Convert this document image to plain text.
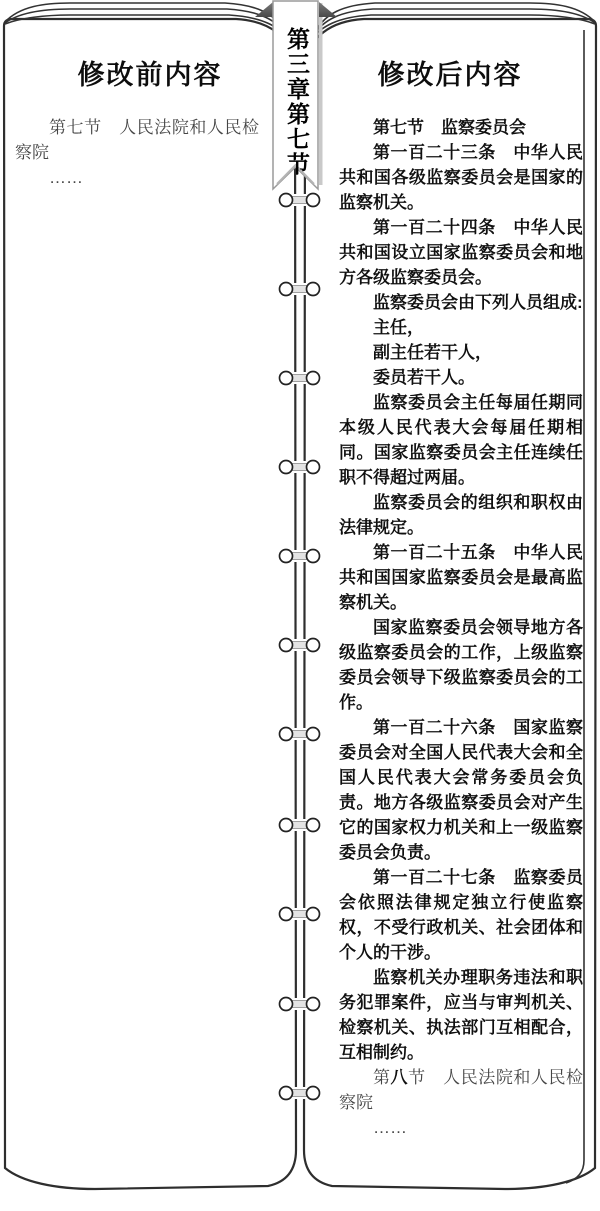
修改前内容	修改后内容
第三章第七节
第七节　人民法院和人民检
察院
……
第七节　监察委员会
第一百二十三条　中华人民
共和国各级监察委员会是国家的
监察机关。
第一百二十四条　中华人民
共和国设立国家监察委员会和地
方各级监察委员会。
监察委员会由下列人员组成:
主任，
副主任若干人，
委员若干人。
监察委员会主任每届任期同
本级人民代表大会每届任期相
同。国家监察委员会主任连续任
职不得超过两届。
监察委员会的组织和职权由
法律规定。
第一百二十五条　中华人民
共和国国家监察委员会是最高监
察机关。
国家监察委员会领导地方各
级监察委员会的工作，上级监察
委员会领导下级监察委员会的工
作。
第一百二十六条　国家监察
委员会对全国人民代表大会和全
国人民代表大会常务委员会负
责。地方各级监察委员会对产生
它的国家权力机关和上一级监察
委员会负责。
第一百二十七条　监察委员
会依照法律规定独立行使监察
权，不受行政机关、社会团体和
个人的干涉。
监察机关办理职务违法和职
务犯罪案件，应当与审判机关、
检察机关、执法部门互相配合，
互相制约。
第八节　人民法院和人民检
察院
……
